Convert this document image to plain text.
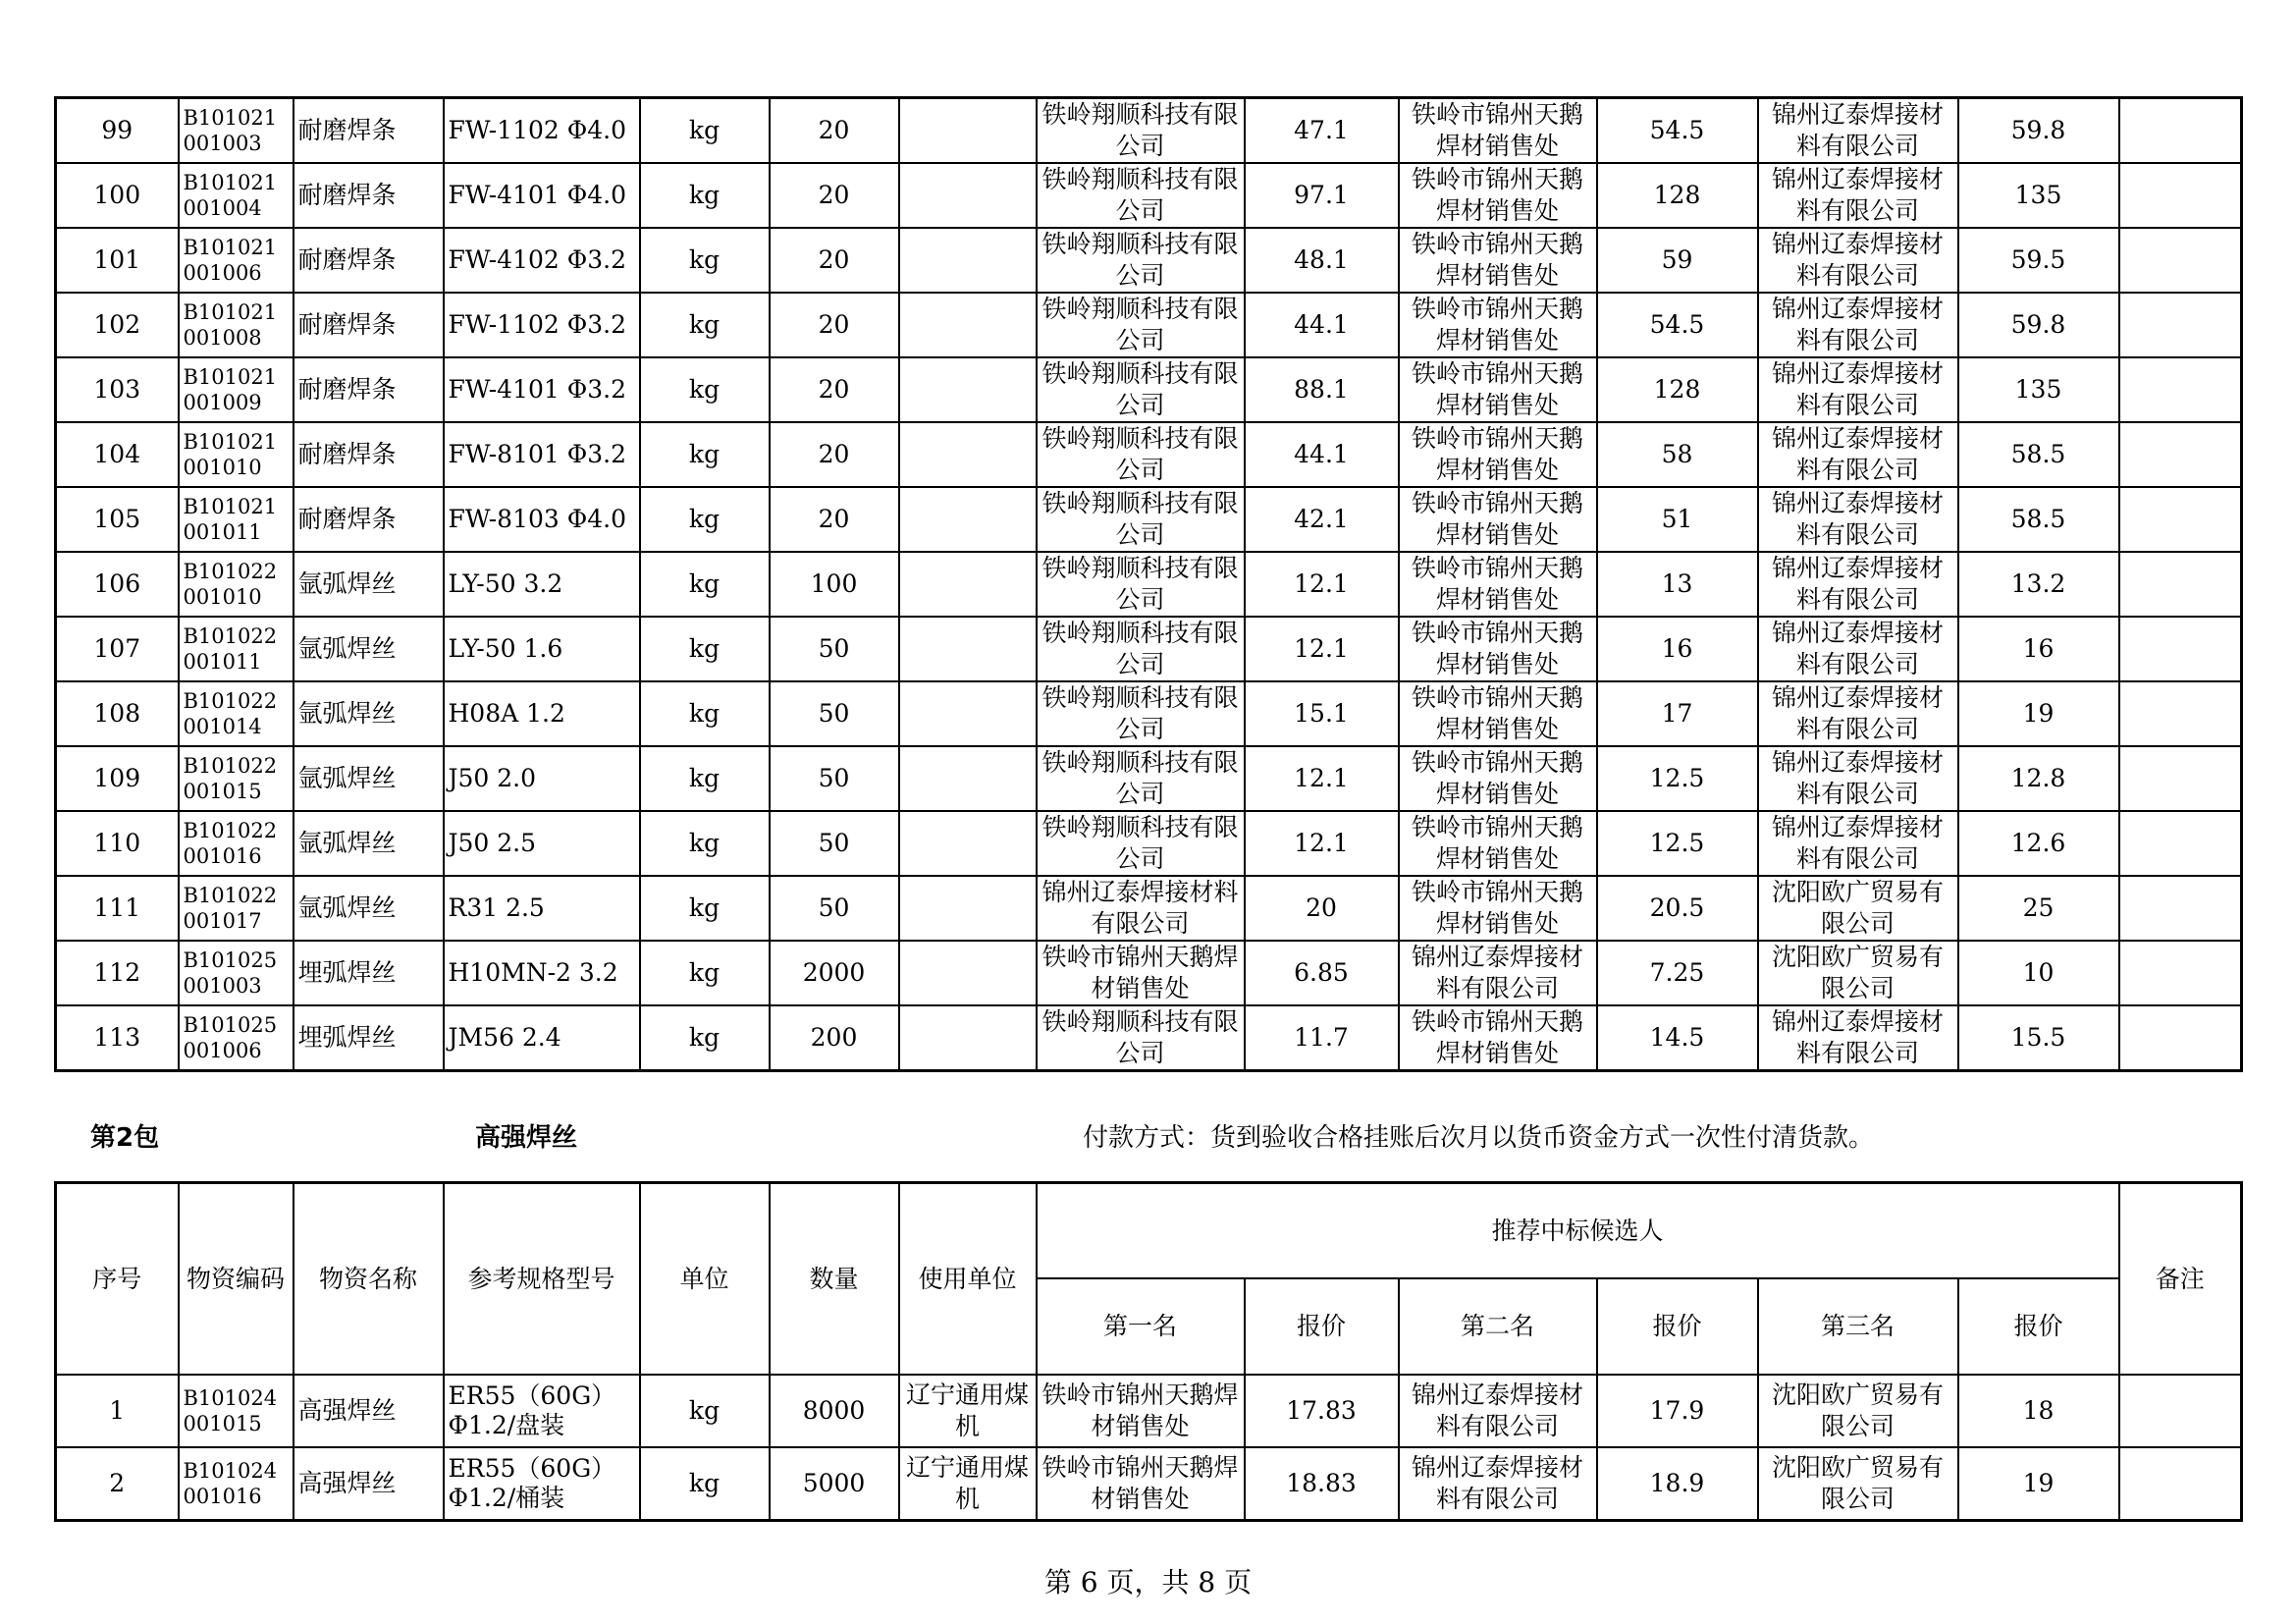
99	B101021001003	耐磨焊条	FW-1102 Φ4.0	kg	20		铁岭翔顺科技有限公司	47.1	铁岭市锦州天鹅焊材销售处	54.5	锦州辽泰焊接材料有限公司	59.8	
100	B101021001004	耐磨焊条	FW-4101 Φ4.0	kg	20		铁岭翔顺科技有限公司	97.1	铁岭市锦州天鹅焊材销售处	128	锦州辽泰焊接材料有限公司	135	
101	B101021001006	耐磨焊条	FW-4102 Φ3.2	kg	20		铁岭翔顺科技有限公司	48.1	铁岭市锦州天鹅焊材销售处	59	锦州辽泰焊接材料有限公司	59.5	
102	B101021001008	耐磨焊条	FW-1102 Φ3.2	kg	20		铁岭翔顺科技有限公司	44.1	铁岭市锦州天鹅焊材销售处	54.5	锦州辽泰焊接材料有限公司	59.8	
103	B101021001009	耐磨焊条	FW-4101 Φ3.2	kg	20		铁岭翔顺科技有限公司	88.1	铁岭市锦州天鹅焊材销售处	128	锦州辽泰焊接材料有限公司	135	
104	B101021001010	耐磨焊条	FW-8101 Φ3.2	kg	20		铁岭翔顺科技有限公司	44.1	铁岭市锦州天鹅焊材销售处	58	锦州辽泰焊接材料有限公司	58.5	
105	B101021001011	耐磨焊条	FW-8103 Φ4.0	kg	20		铁岭翔顺科技有限公司	42.1	铁岭市锦州天鹅焊材销售处	51	锦州辽泰焊接材料有限公司	58.5	
106	B101022001010	氩弧焊丝	LY-50 3.2	kg	100		铁岭翔顺科技有限公司	12.1	铁岭市锦州天鹅焊材销售处	13	锦州辽泰焊接材料有限公司	13.2	
107	B101022001011	氩弧焊丝	LY-50 1.6	kg	50		铁岭翔顺科技有限公司	12.1	铁岭市锦州天鹅焊材销售处	16	锦州辽泰焊接材料有限公司	16	
108	B101022001014	氩弧焊丝	H08A 1.2	kg	50		铁岭翔顺科技有限公司	15.1	铁岭市锦州天鹅焊材销售处	17	锦州辽泰焊接材料有限公司	19	
109	B101022001015	氩弧焊丝	J50 2.0	kg	50		铁岭翔顺科技有限公司	12.1	铁岭市锦州天鹅焊材销售处	12.5	锦州辽泰焊接材料有限公司	12.8	
110	B101022001016	氩弧焊丝	J50 2.5	kg	50		铁岭翔顺科技有限公司	12.1	铁岭市锦州天鹅焊材销售处	12.5	锦州辽泰焊接材料有限公司	12.6	
111	B101022001017	氩弧焊丝	R31 2.5	kg	50		锦州辽泰焊接材料有限公司	20	铁岭市锦州天鹅焊材销售处	20.5	沈阳欧广贸易有限公司	25	
112	B101025001003	埋弧焊丝	H10MN-2 3.2	kg	2000		铁岭市锦州天鹅焊材销售处	6.85	锦州辽泰焊接材料有限公司	7.25	沈阳欧广贸易有限公司	10	
113	B101025001006	埋弧焊丝	JM56 2.4	kg	200		铁岭翔顺科技有限公司	11.7	铁岭市锦州天鹅焊材销售处	14.5	锦州辽泰焊接材料有限公司	15.5	
第2包	高强焊丝	付款方式：货到验收合格挂账后次月以货币资金方式一次性付清货款。
序号	物资编码	物资名称	参考规格型号	单位	数量	使用单位	推荐中标候选人						备注
							第一名	报价	第二名	报价	第三名	报价	
1	B101024001015	高强焊丝	ER55（60G）Φ1.2/盘装	kg	8000	辽宁通用煤机	铁岭市锦州天鹅焊材销售处	17.83	锦州辽泰焊接材料有限公司	17.9	沈阳欧广贸易有限公司	18	
2	B101024001016	高强焊丝	ER55（60G）Φ1.2/桶装	kg	5000	辽宁通用煤机	铁岭市锦州天鹅焊材销售处	18.83	锦州辽泰焊接材料有限公司	18.9	沈阳欧广贸易有限公司	19	
第 6 页，共 8 页
